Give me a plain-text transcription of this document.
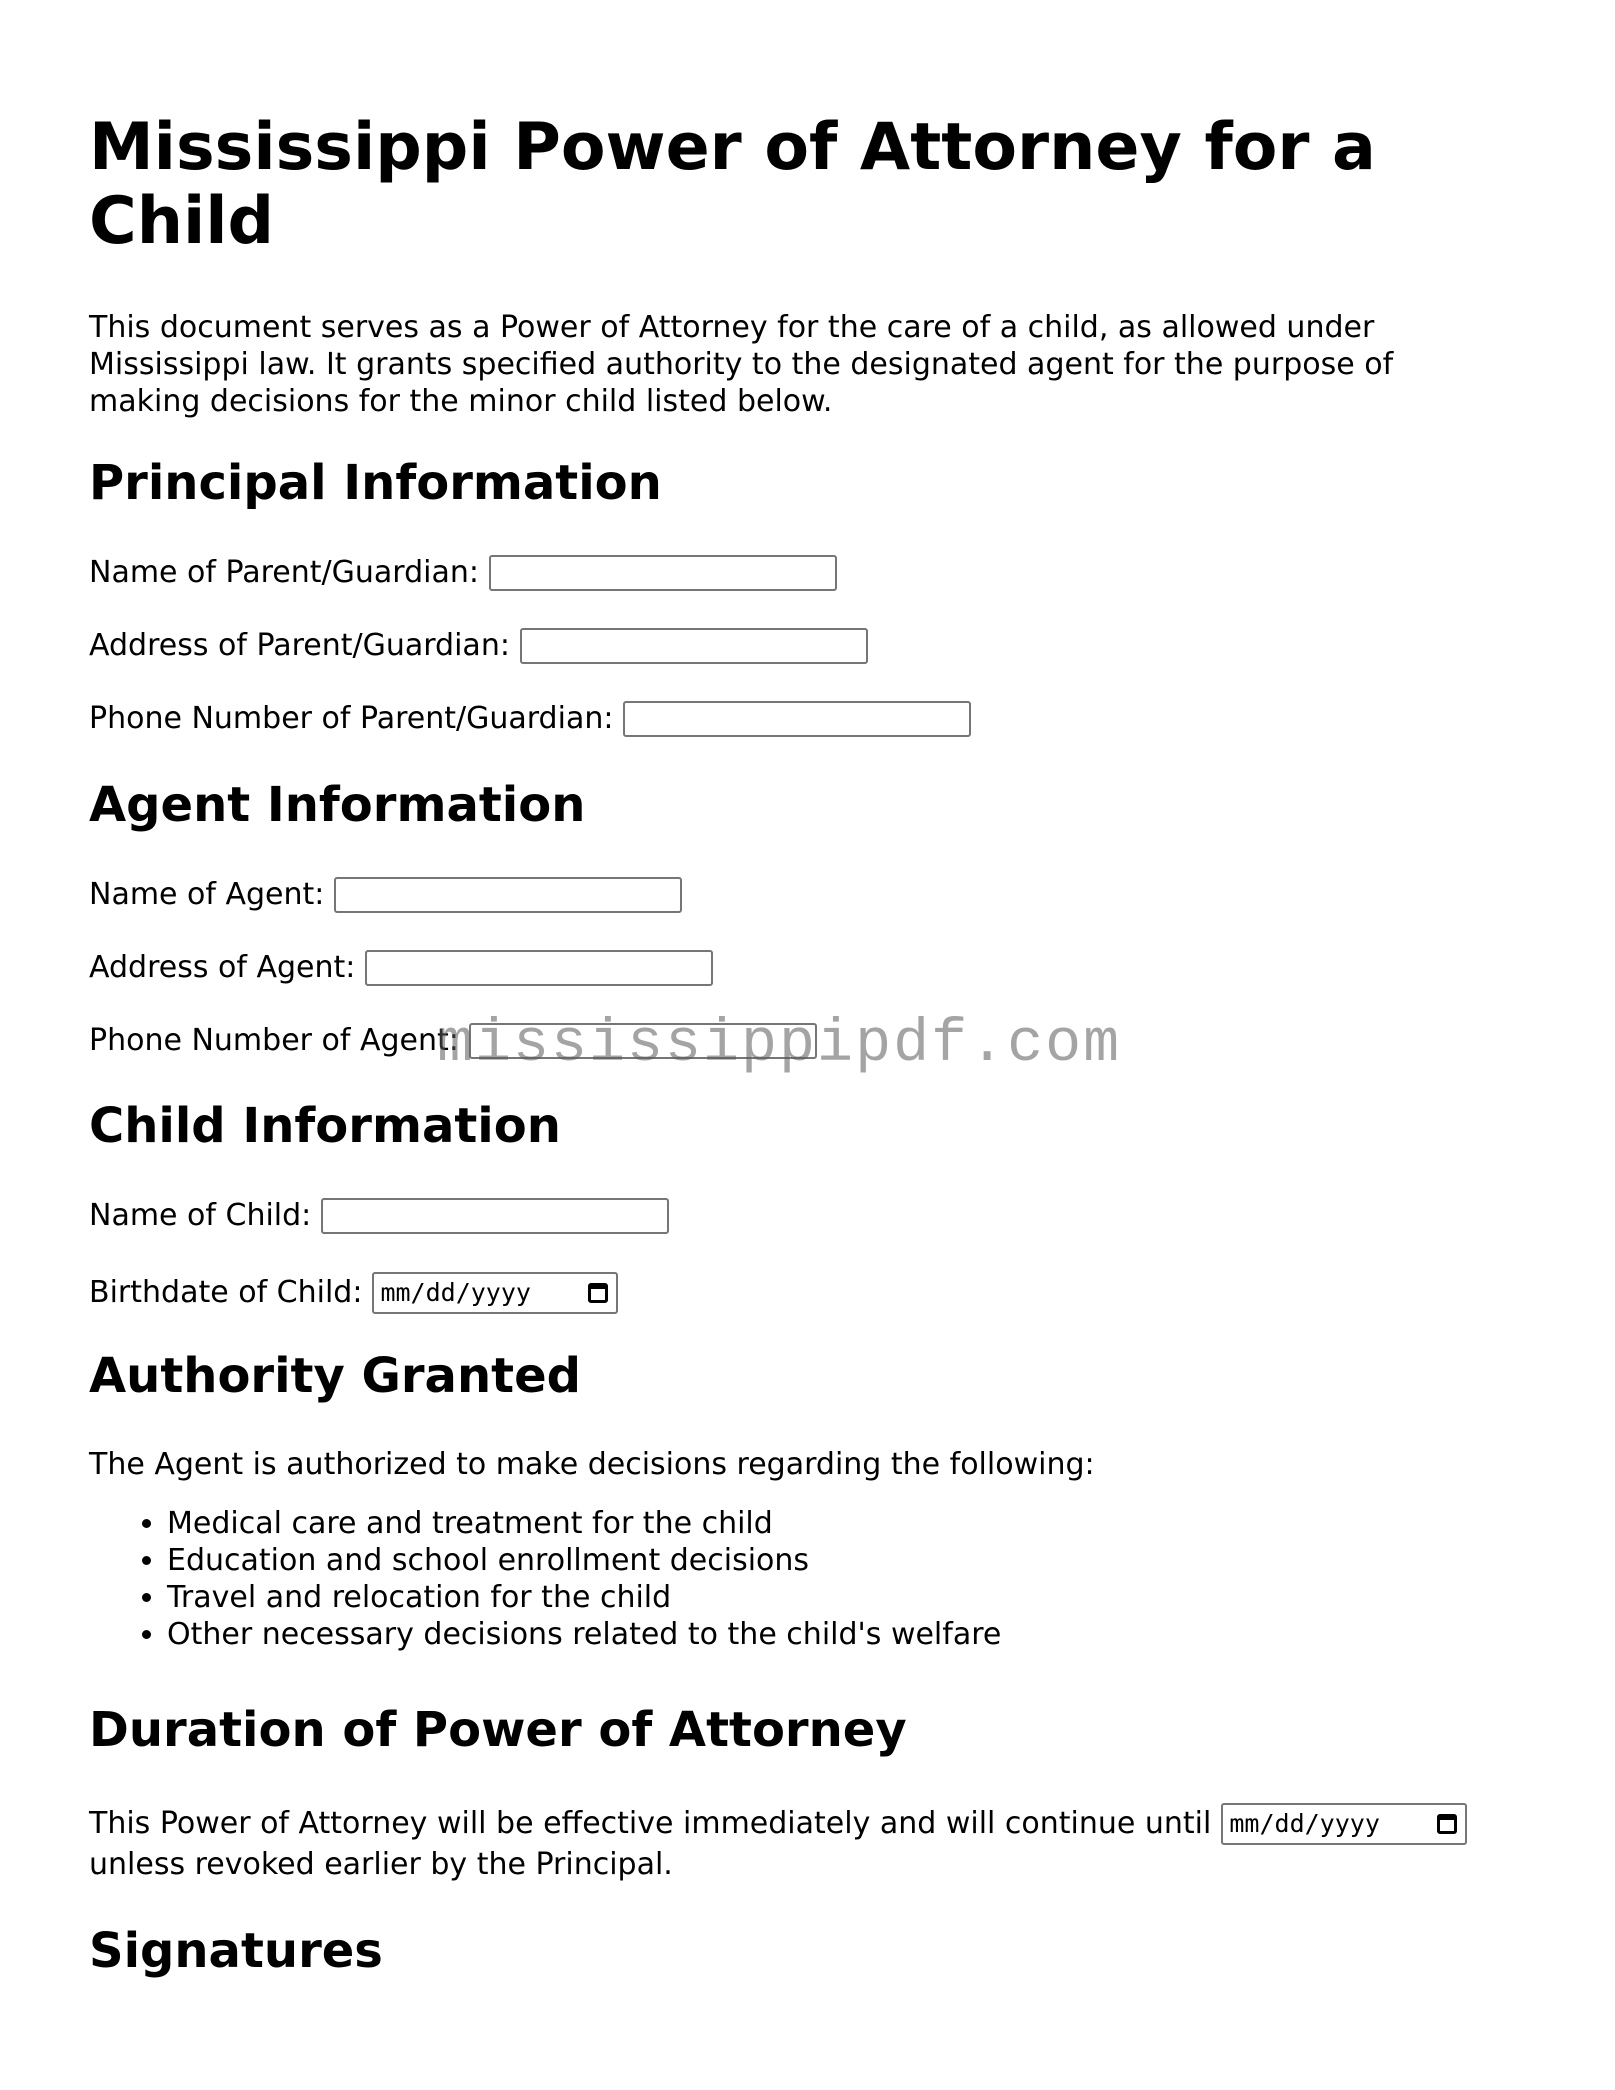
Mississippi Power of Attorney for a Child

This document serves as a Power of Attorney for the care of a child, as allowed under Mississippi law. It grants specified authority to the designated agent for the purpose of making decisions for the minor child listed below.

Principal Information
Name of Parent/Guardian:
Address of Parent/Guardian:
Phone Number of Parent/Guardian:
Agent Information
Name of Agent:
Address of Agent:
Phone Number of Agent:
Child Information
Name of Child:
Birthdate of Child: mm/dd/yyyy
Authority Granted

The Agent is authorized to make decisions regarding the following:

• Medical care and treatment for the child
• Education and school enrollment decisions
• Travel and relocation for the child
• Other necessary decisions related to the child's welfare
Duration of Power of Attorney
This Power of Attorney will be effective immediately and will continue until mm/dd/yyyy

unless revoked earlier by the Principal.

Signatures
mississippipdf.com
